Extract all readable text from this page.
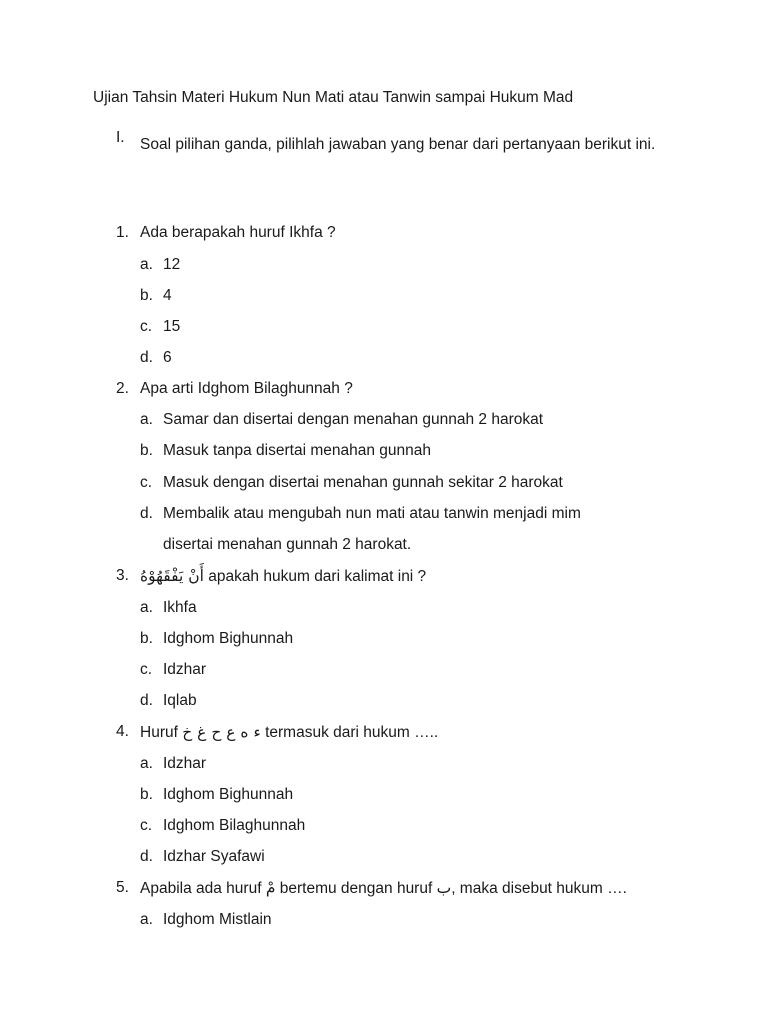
Ujian Tahsin Materi Hukum Nun Mati atau Tanwin sampai Hukum Mad
I. Soal pilihan ganda, pilihlah jawaban yang benar dari pertanyaan berikut ini.
1. Ada berapakah huruf Ikhfa ?
a. 12
b. 4
c. 15
d. 6
2. Apa arti Idghom Bilaghunnah ?
a. Samar dan disertai dengan menahan gunnah 2 harokat
b. Masuk tanpa disertai menahan gunnah
c. Masuk dengan disertai menahan gunnah sekitar 2 harokat
d. Membalik atau mengubah nun mati atau tanwin menjadi mim
disertai menahan gunnah 2 harokat.
3. أَنْ يَفْقَهُوْهُ apakah hukum dari kalimat ini ?
a. Ikhfa
b. Idghom Bighunnah
c. Idzhar
d. Iqlab
4. Huruf ء ه ع ح غ خ termasuk dari hukum …..
a. Idzhar
b. Idghom Bighunnah
c. Idghom Bilaghunnah
d. Idzhar Syafawi
5. Apabila ada huruf مْ bertemu dengan huruf ب, maka disebut hukum ….
a. Idghom Mistlain
